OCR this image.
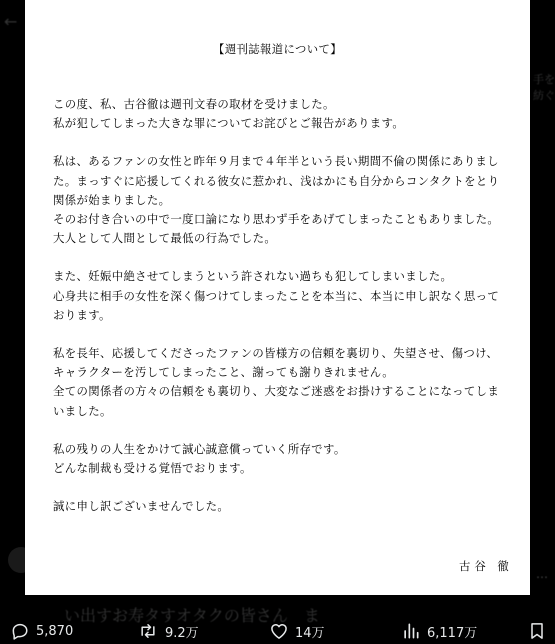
←
手を紡ぐ
い出すお寿タすオタクの皆さん　ま
⋯
【週刊誌報道について】

この度、私、古谷徹は週刊文春の取材を受けました。

私が犯してしまった大きな罪についてお詫びとご報告があります。

私は、あるファンの女性と昨年９月まで４年半という長い期間不倫の関係にありました。まっすぐに応援してくれる彼女に惹かれ、浅はかにも自分からコンタクトをとり関係が始まりました。

そのお付き合いの中で一度口論になり思わず手をあげてしまったこともありました。

大人として人間として最低の行為でした。

また、妊娠中絶させてしまうという許されない過ちも犯してしまいました。

心身共に相手の女性を深く傷つけてしまったことを本当に、本当に申し訳なく思っております。

私を長年、応援してくださったファンの皆様方の信頼を裏切り、失望させ、傷つけ、キャラクターを汚してしまったこと、謝っても謝りきれません。

全ての関係者の方々の信頼をも裏切り、大変なご迷惑をお掛けすることになってしまいました。

私の残りの人生をかけて誠心誠意償っていく所存です。

どんな制裁も受ける覚悟でおります。

誠に申し訳ございませんでした。

古谷 徹
5,870	9.2万	14万	6,117万
